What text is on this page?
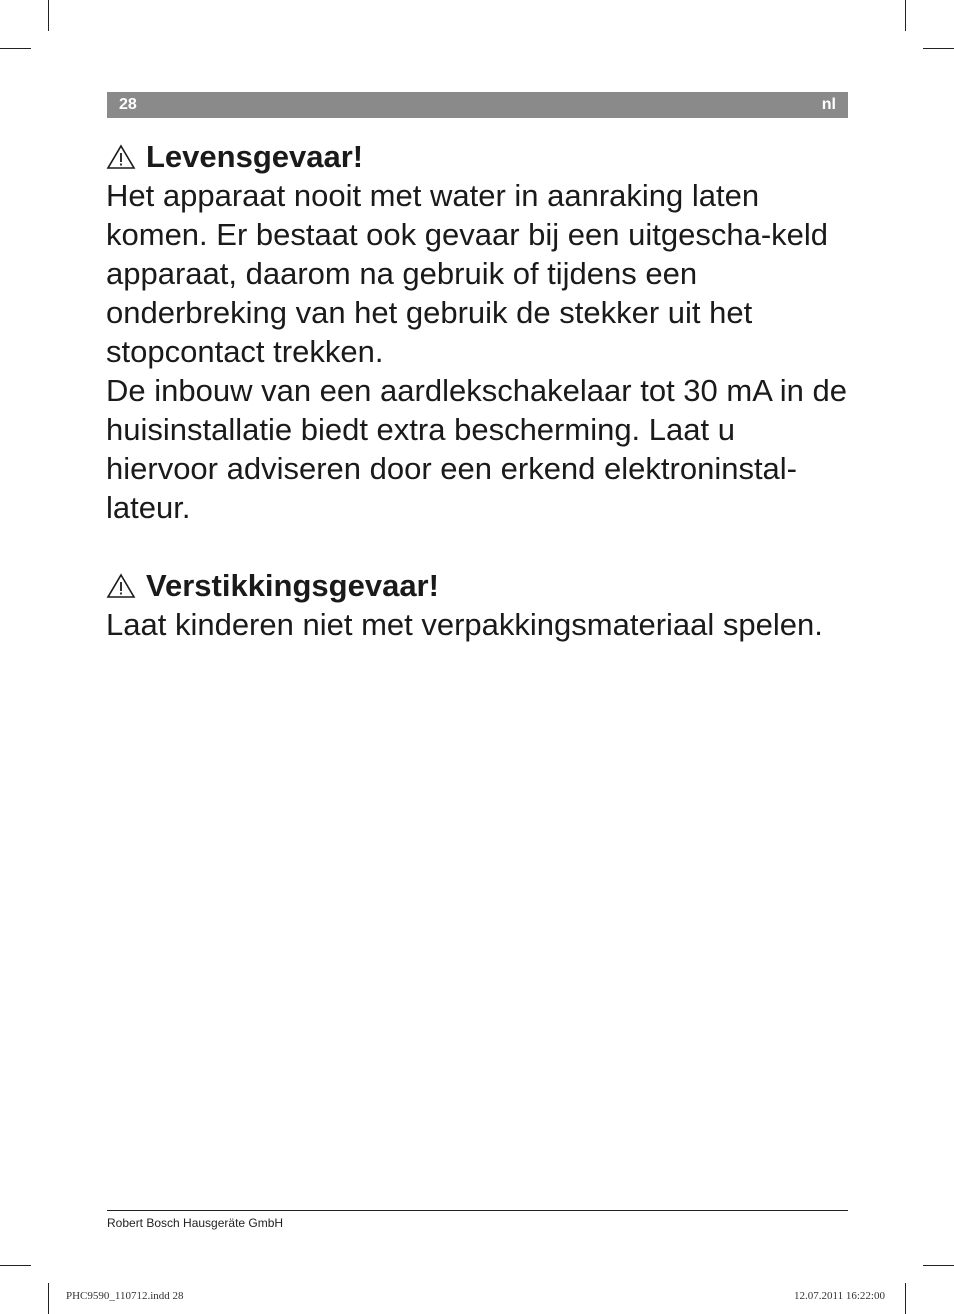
28	nl
Levensgevaar!

Het apparaat nooit met water in aanraking laten komen. Er bestaat ook gevaar bij een uitgescha-keld apparaat, daarom na gebruik of tijdens een onderbreking van het gebruik de stekker uit het stopcontact trekken.

De inbouw van een aardlekschakelaar tot 30 mA in de huisinstallatie biedt extra bescherming. Laat u hiervoor adviseren door een erkend elektroninstal-lateur.

Verstikkingsgevaar!

Laat kinderen niet met verpakkingsmateriaal spelen.

Robert Bosch Hausgeräte GmbH
PHC9590_110712.indd 28	12.07.2011 16:22:00
